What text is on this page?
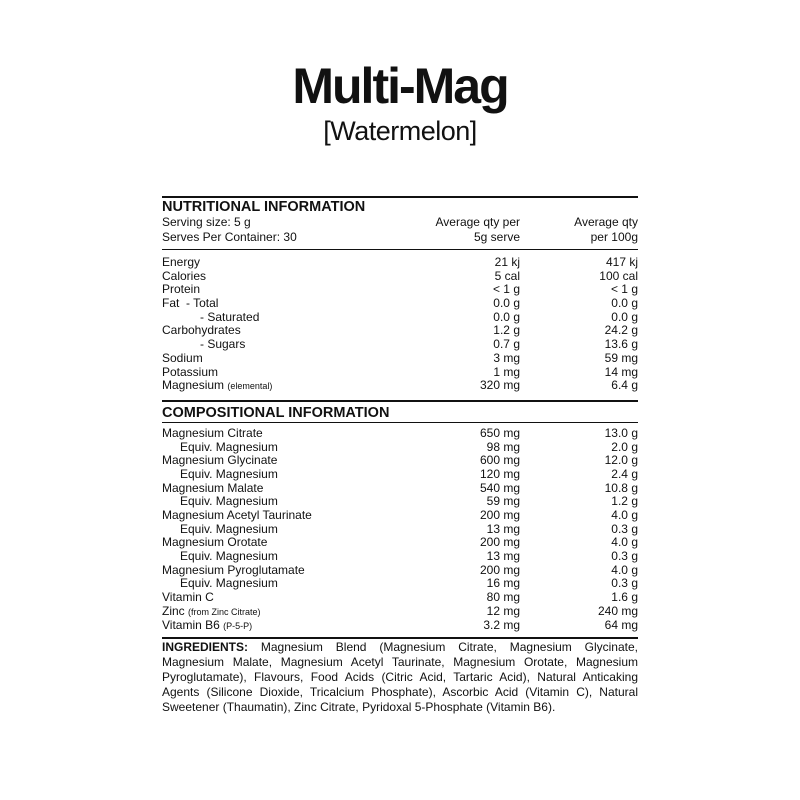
Multi-Mag
[Watermelon]
NUTRITIONAL INFORMATION
Serving size: 5 g	Average qty per	Average qty
Serves Per Container: 30	5g serve	per 100g
Energy	21 kj	417 kj
Calories	5 cal	100 cal
Protein	< 1 g	< 1 g
Fat  - Total	0.0 g	0.0 g
- Saturated	0.0 g	0.0 g
Carbohydrates	1.2 g	24.2 g
- Sugars	0.7 g	13.6 g
Sodium	3 mg	59 mg
Potassium	1 mg	14 mg
Magnesium (elemental)	320 mg	6.4 g
COMPOSITIONAL INFORMATION
Magnesium Citrate	650 mg	13.0 g
Equiv. Magnesium	98 mg	2.0 g
Magnesium Glycinate	600 mg	12.0 g
Equiv. Magnesium	120 mg	2.4 g
Magnesium Malate	540 mg	10.8 g
Equiv. Magnesium	59 mg	1.2 g
Magnesium Acetyl Taurinate	200 mg	4.0 g
Equiv. Magnesium	13 mg	0.3 g
Magnesium Orotate	200 mg	4.0 g
Equiv. Magnesium	13 mg	0.3 g
Magnesium Pyroglutamate	200 mg	4.0 g
Equiv. Magnesium	16 mg	0.3 g
Vitamin C	80 mg	1.6 g
Zinc (from Zinc Citrate)	12 mg	240 mg
Vitamin B6 (P-5-P)	3.2 mg	64 mg
INGREDIENTS: Magnesium Blend (Magnesium Citrate, Magnesium Glycinate, Magnesium Malate, Magnesium Acetyl Taurinate, Magnesium Orotate, Magnesium Pyroglutamate), Flavours, Food Acids (Citric Acid, Tartaric Acid), Natural Anticaking Agents (Silicone Dioxide, Tricalcium Phosphate), Ascorbic Acid (Vitamin C), Natural Sweetener (Thaumatin), Zinc Citrate, Pyridoxal 5-Phosphate (Vitamin B6).
